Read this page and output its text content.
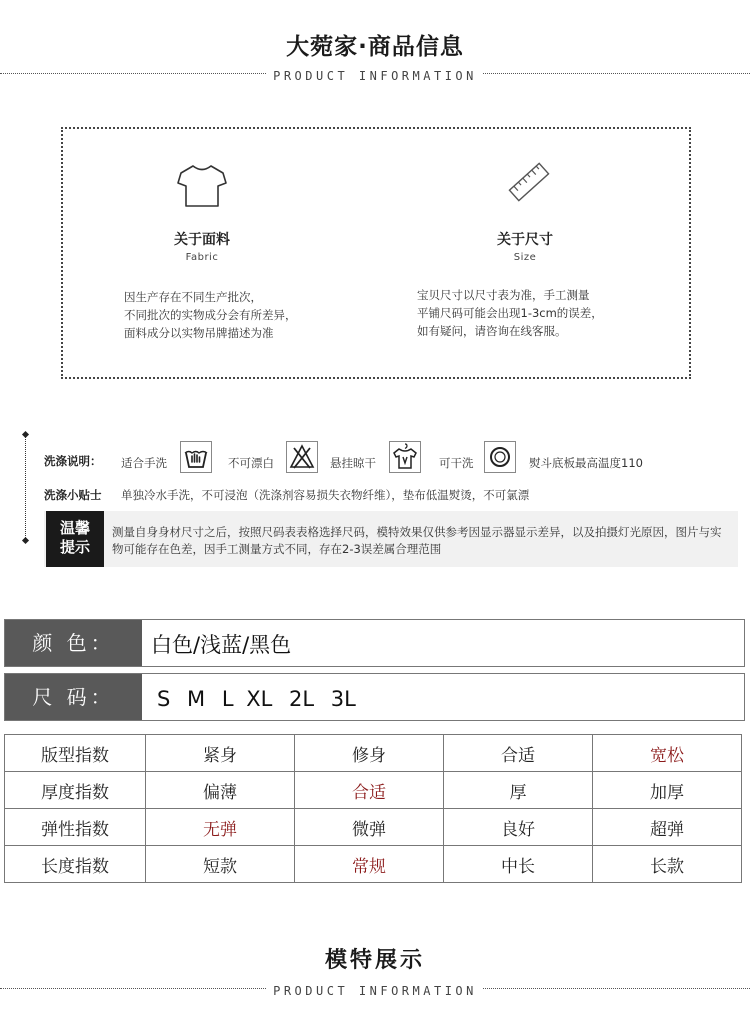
大菀家·商品信息
PRODUCT INFORMATION
关于面料
Fabric
因生产存在不同生产批次，
不同批次的实物成分会有所差异，
面料成分以实物吊牌描述为准
关于尺寸
Size
宝贝尺寸以尺寸表为准，手工测量
平铺尺码可能会出现1-3cm的误差，
如有疑问，请咨询在线客服。
洗涤说明： 适合手洗	不可漂白	悬挂晾干	可干洗	熨斗底板最高温度110
洗涤小贴士 单独冷水手洗，不可浸泡（洗涤剂容易损失衣物纤维），垫布低温熨烫，不可氯漂
温馨
提示
测量自身身材尺寸之后，按照尺码表表格选择尺码，模特效果仅供参考因显示器显示差异，以及拍摄灯光原因，图片与实物可能存在色差，因手工测量方式不同，存在2-3误差属合理范围
颜 色：	白色/浅蓝/黑色
尺 码：	S M L XL 2L 3L
版型指数	紧身	修身	合适	宽松
厚度指数	偏薄	合适	厚	加厚
弹性指数	无弹	微弹	良好	超弹
长度指数	短款	常规	中长	长款
模特展示
PRODUCT INFORMATION
